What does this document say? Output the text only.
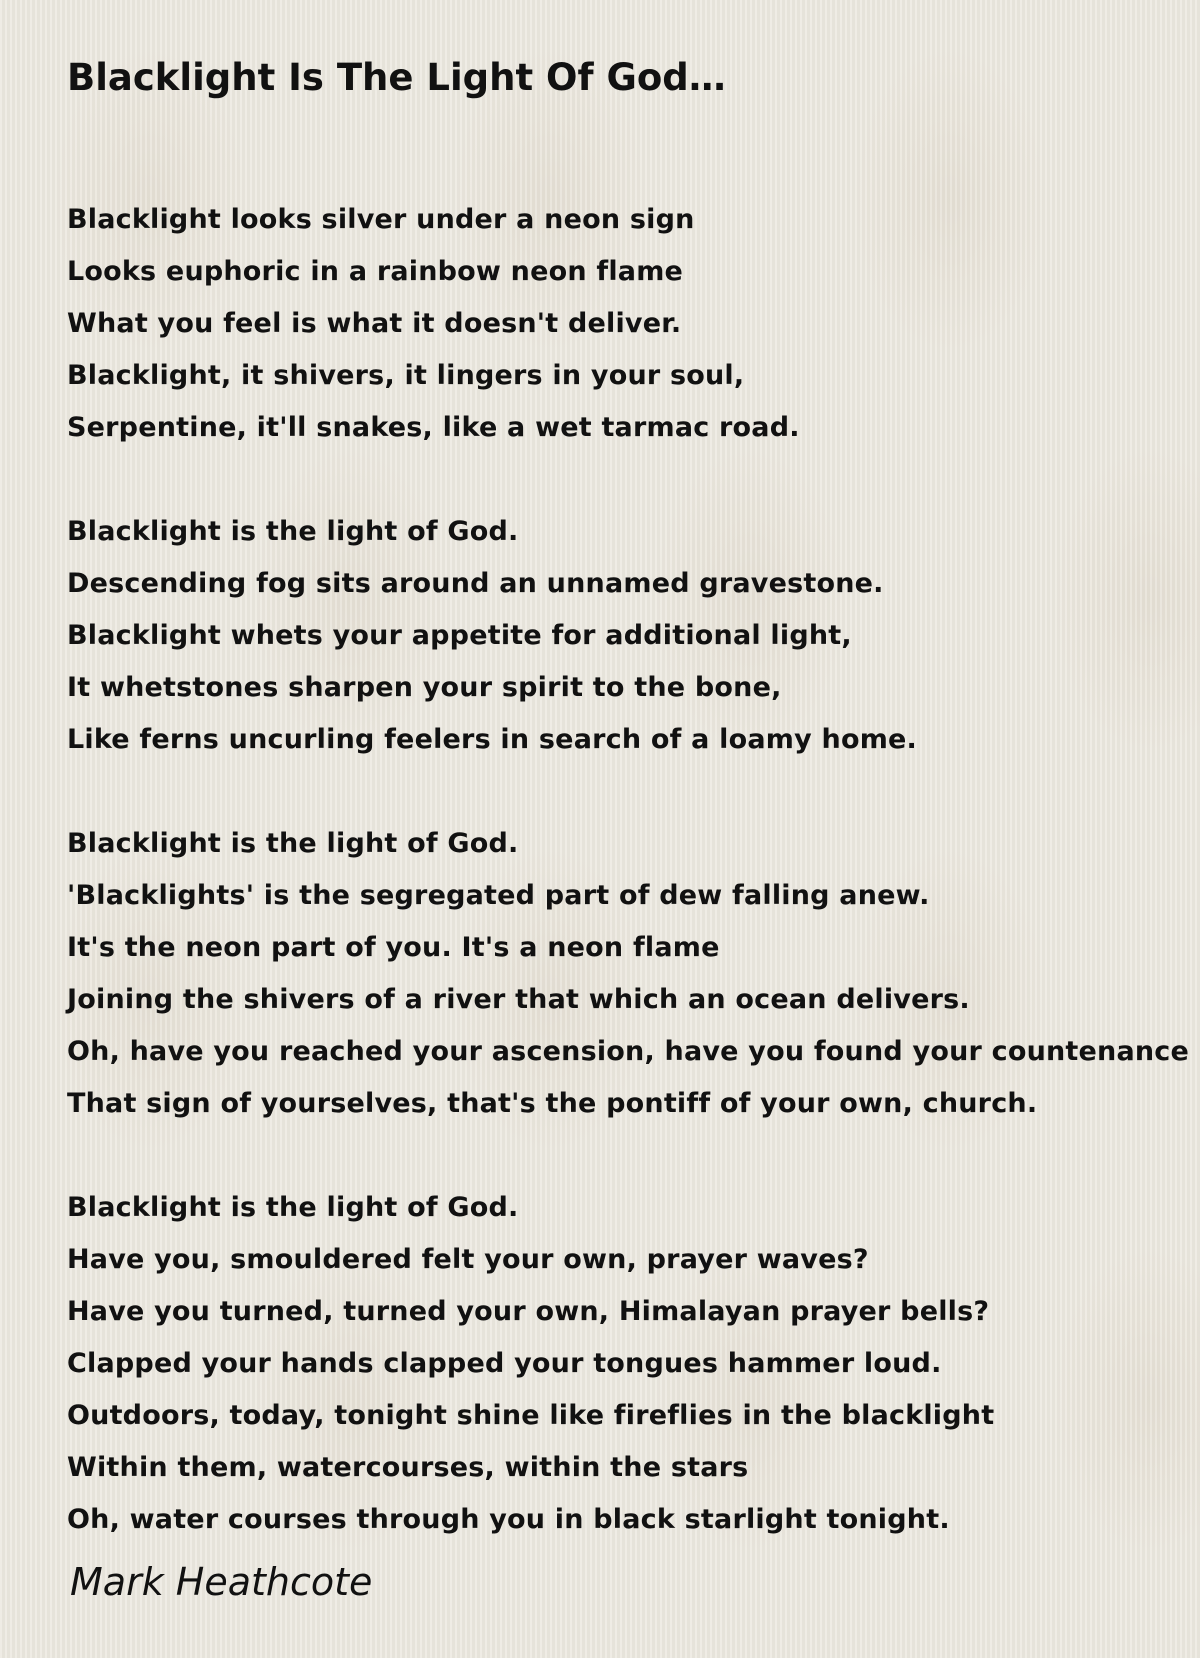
Blacklight Is The Light Of God…
Blacklight looks silver under a neon sign
Looks euphoric in a rainbow neon flame
What you feel is what it doesn't deliver.
Blacklight, it shivers, it lingers in your soul,
Serpentine, it'll snakes, like a wet tarmac road.
Blacklight is the light of God.
Descending fog sits around an unnamed gravestone.
Blacklight whets your appetite for additional light,
It whetstones sharpen your spirit to the bone,
Like ferns uncurling feelers in search of a loamy home.
Blacklight is the light of God.
'Blacklights' is the segregated part of dew falling anew.
It's the neon part of you. It's a neon flame
Joining the shivers of a river that which an ocean delivers.
Oh, have you reached your ascension, have you found your countenance
That sign of yourselves, that's the pontiff of your own, church.
Blacklight is the light of God.
Have you, smouldered felt your own, prayer waves?
Have you turned, turned your own, Himalayan prayer bells?
Clapped your hands clapped your tongues hammer loud.
Outdoors, today, tonight shine like fireflies in the blacklight
Within them, watercourses, within the stars
Oh, water courses through you in black starlight tonight.
Mark Heathcote
